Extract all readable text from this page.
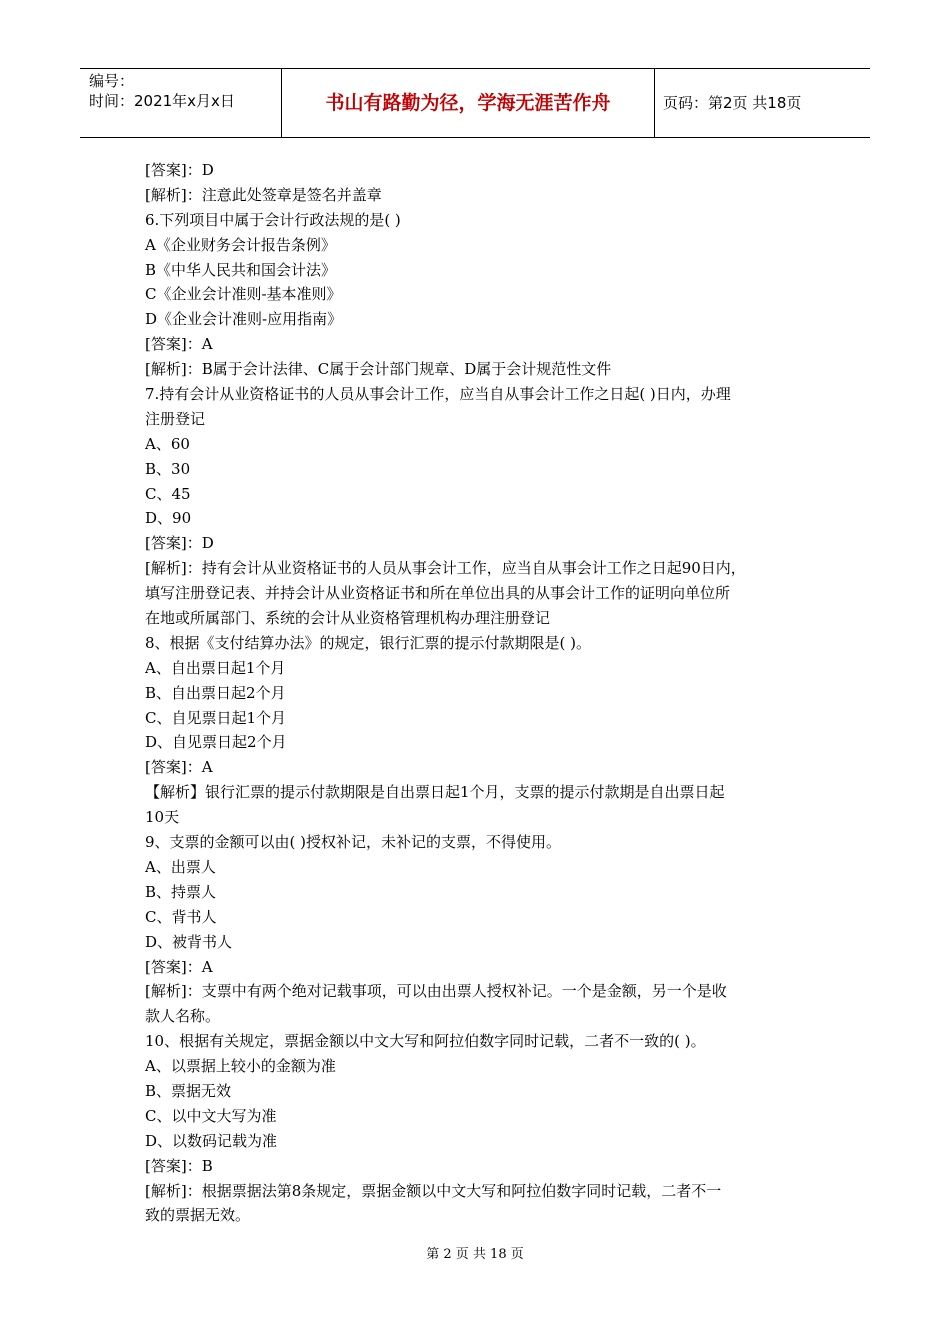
编号：
时间：2021年x月x日	书山有路勤为径，学海无涯苦作舟	页码：第2页 共18页
[答案]：D
[解析]：注意此处签章是签名并盖章
6.下列项目中属于会计行政法规的是( )
A《企业财务会计报告条例》
B《中华人民共和国会计法》
C《企业会计准则-基本准则》
D《企业会计准则-应用指南》
[答案]：A
[解析]：B属于会计法律、C属于会计部门规章、D属于会计规范性文件
7.持有会计从业资格证书的人员从事会计工作，应当自从事会计工作之日起( )日内，办理
注册登记
A、60
B、30
C、45
D、90
[答案]：D
[解析]：持有会计从业资格证书的人员从事会计工作，应当自从事会计工作之日起90日内，
填写注册登记表、并持会计从业资格证书和所在单位出具的从事会计工作的证明向单位所
在地或所属部门、系统的会计从业资格管理机构办理注册登记
8、根据《支付结算办法》的规定，银行汇票的提示付款期限是( )。
A、自出票日起1个月
B、自出票日起2个月
C、自见票日起1个月
D、自见票日起2个月
[答案]：A
【解析】银行汇票的提示付款期限是自出票日起1个月，支票的提示付款期是自出票日起
10天
9、支票的金额可以由( )授权补记，未补记的支票，不得使用。
A、出票人
B、持票人
C、背书人
D、被背书人
[答案]：A
[解析]：支票中有两个绝对记载事项，可以由出票人授权补记。一个是金额，另一个是收
款人名称。
10、根据有关规定，票据金额以中文大写和阿拉伯数字同时记载，二者不一致的( )。
A、以票据上较小的金额为准
B、票据无效
C、以中文大写为准
D、以数码记载为准
[答案]：B
[解析]：根据票据法第8条规定，票据金额以中文大写和阿拉伯数字同时记载，二者不一
致的票据无效。
第 2 页 共 18 页
